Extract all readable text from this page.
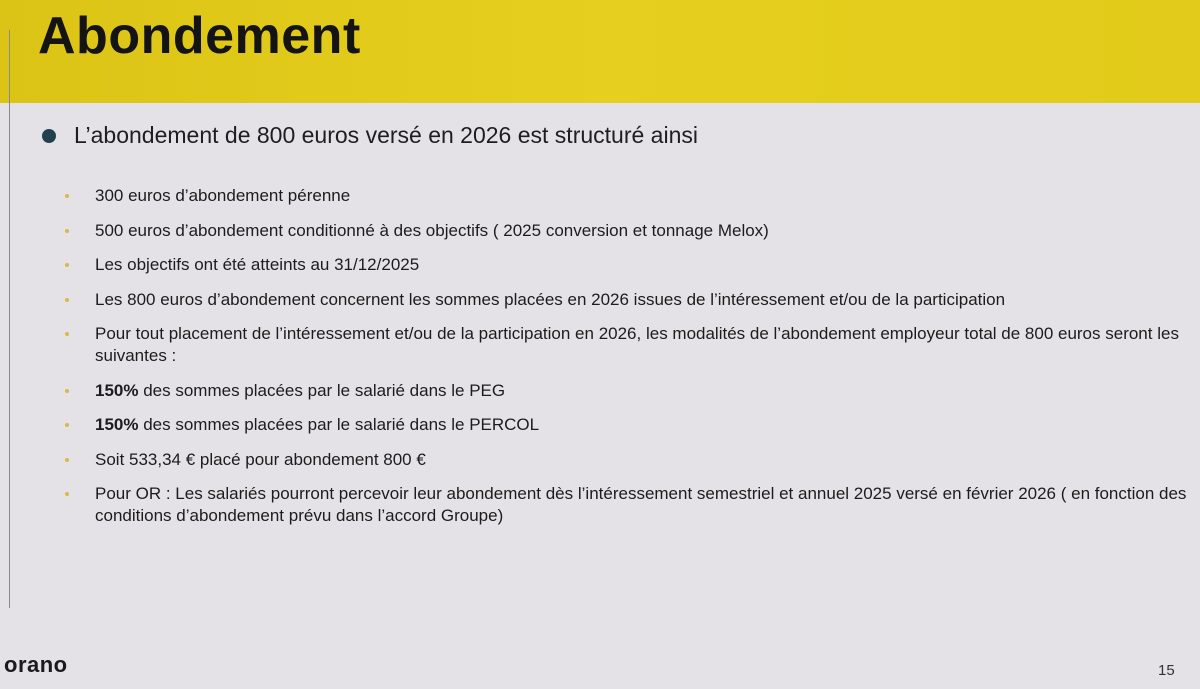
Abondement
L’abondement de 800 euros versé en 2026 est structuré ainsi
300 euros d’abondement pérenne
500 euros d’abondement conditionné à des objectifs ( 2025 conversion et tonnage Melox)
Les objectifs ont été atteints au 31/12/2025
Les 800 euros d’abondement concernent les sommes placées en 2026 issues de l’intéressement et/ou de la participation
Pour tout placement de l’intéressement et/ou de la participation en 2026, les modalités de l’abondement employeur total de 800 euros seront les suivantes :
150% des sommes placées par le salarié dans le PEG
150% des sommes placées par le salarié dans le PERCOL
Soit 533,34 € placé pour abondement 800 €
Pour OR : Les salariés pourront percevoir leur abondement dès l’intéressement semestriel et annuel 2025 versé en février 2026 ( en fonction des conditions d’abondement prévu dans l’accord Groupe)
orano	15
